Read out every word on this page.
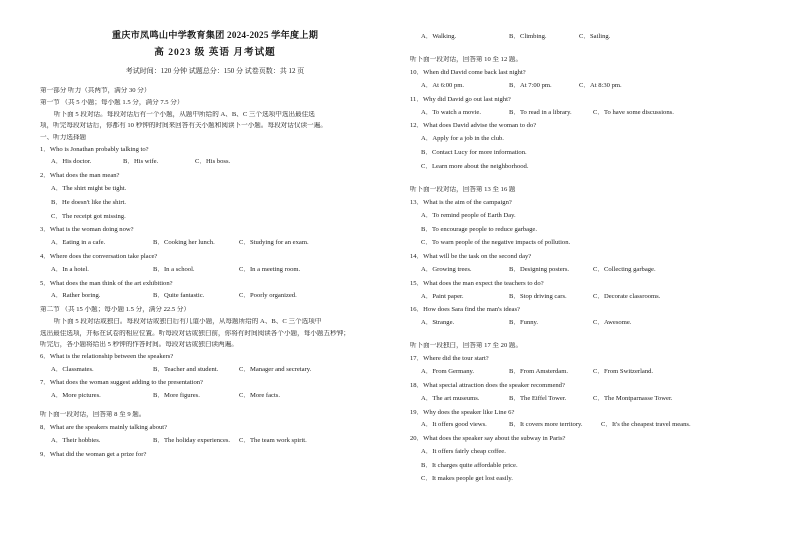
重庆市凤鸣山中学教育集团 2024-2025 学年度上期
高 2023 级 英语 月考试题
考试时间：120 分钟 试题总分：150 分 试卷页数：共 12 页
第一部分 听力（共两节，满分 30 分）
第一节 （共 5 小题；每小题 1.5 分，满分 7.5 分）
听下面 5 段对话。每段对话后有一个小题，从题中所给的 A、B、C 三个选项中选出最佳选
项，听完每段对话后，你都有 10 秒钟的时间来回答有关小题和阅读下一小题。每段对话仅读一遍。
一、听力选择题
1．Who is Jonathan probably talking to?
A．His doctor.	B．His wife.	C．His boss.
2．What does the man mean?
A．The shirt might be tight.
B．He doesn't like the shirt.
C．The receipt got missing.
3．What is the woman doing now?
A．Eating in a cafe.	B．Cooking her lunch.	C．Studying for an exam.
4．Where does the conversation take place?
A．In a hotel.	B．In a school.	C．In a meeting room.
5．What does the man think of the art exhibition?
A．Rather boring.	B．Quite fantastic.	C．Poorly organized.
第二节 （共 15 小题；每小题 1.5 分，满分 22.5 分）
听下面 5 段对话或独白。每段对话或独白后有几道小题，从每题所给的 A、B、C 三个选项中
选出最佳选项，并标在试卷的相应位置。听每段对话或独白前，你将有时间阅读各个小题，每小题五秒钟；
听完后，各小题将给出 5 秒钟的作答时间。每段对话或独白读两遍。
6．What is the relationship between the speakers?
A．Classmates.	B．Teacher and student.	C．Manager and secretary.
7．What does the woman suggest adding to the presentation?
A．More pictures.	B．More figures.	C．More facts.
听下面一段对话，回答第 8 至 9 题。
8．What are the speakers mainly talking about?
A．Their hobbies.	B．The holiday experiences.	C．The team work spirit.
9．What did the woman get a prize for?
A．Walking.	B．Climbing.	C．Sailing.
听下面一段对话，回答第 10 至 12 题。
10．When did David come back last night?
A．At 6:00 pm.	B．At 7:00 pm.	C．At 8:30 pm.
11．Why did David go out last night?
A．To watch a movie.	B．To read in a library.	C．To have some discussions.
12．What does David advise the woman to do?
A．Apply for a job in the club.
B．Contact Lucy for more information.
C．Learn more about the neighborhood.
听下面一段对话，回答第 13 至 16 题
13．What is the aim of the campaign?
A．To remind people of Earth Day.
B．To encourage people to reduce garbage.
C．To warn people of the negative impacts of pollution.
14．What will be the task on the second day?
A．Growing trees.	B．Designing posters.	C．Collecting garbage.
15．What does the man expect the teachers to do?
A．Paint paper.	B．Stop driving cars.	C．Decorate classrooms.
16．How does Sara find the man's ideas?
A．Strange.	B．Funny.	C．Awesome.
听下面一段独白，回答第 17 至 20 题。
17．Where did the tour start?
A．From Germany.	B．From Amsterdam.	C．From Switzerland.
18．What special attraction does the speaker recommend?
A．The art museums.	B．The Eiffel Tower.	C．The Montparnasse Tower.
19．Why does the speaker like Line 6?
A．It offers good views.	B．It covers more territory.	C．It's the cheapest travel means.
20．What does the speaker say about the subway in Paris?
A．It offers fairly cheap coffee.
B．It charges quite affordable price.
C．It makes people get lost easily.
